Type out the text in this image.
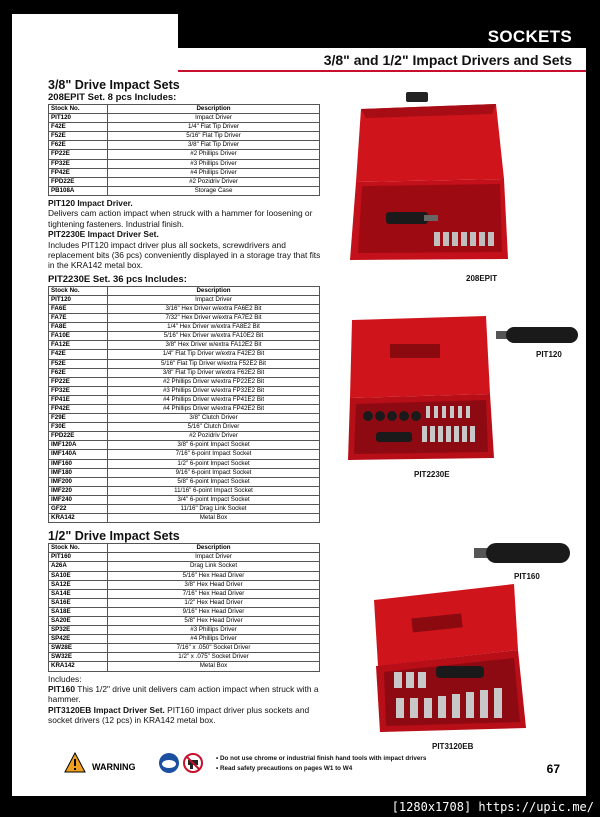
SOCKETS
3/8" and 1/2" Impact Drivers and Sets
3/8" Drive Impact Sets
208EPIT Set. 8 pcs Includes:
Stock No.	Description
PIT120	Impact Driver
F42E	1/4" Flat Tip Driver
F52E	5/16" Flat Tip Driver
F62E	3/8" Flat Tip Driver
FP22E	#2 Phillips Driver
FP32E	#3 Phillips Driver
FP42E	#4 Phillips Driver
FPD22E	#2 Pozidriv Driver
PB108A	Storage Case
PIT120 Impact Driver.
Delivers cam action impact when struck with a hammer for loosening or tightening fasteners. Industrial finish.
PIT2230E Impact Driver Set.
Includes PIT120 impact driver plus all sockets, screwdrivers and replacement bits (36 pcs) conveniently displayed in a storage tray that fits in the KRA142 metal box.
PIT2230E Set. 36 pcs Includes:
Stock No.	Description
PIT120	Impact Driver
FA6E	3/16" Hex Driver w/extra FA6E2 Bit
FA7E	7/32" Hex Driver w/extra FA7E2 Bit
FA8E	1/4" Hex Driver w/extra FA8E2 Bit
FA10E	5/16" Hex Driver w/extra FA10E2 Bit
FA12E	3/8" Hex Driver w/extra FA12E2 Bit
F42E	1/4" Flat Tip Driver w/extra F42E2 Bit
F52E	5/16" Flat Tip Driver w/extra F52E2 Bit
F62E	3/8" Flat Tip Driver w/extra F62E2 Bit
FP22E	#2 Phillips Driver w/extra FP22E2 Bit
FP32E	#3 Phillips Driver w/extra FP32E2 Bit
FP41E	#4 Phillips Driver w/extra FP41E2 Bit
FP42E	#4 Phillips Driver w/extra FP42E2 Bit
F29E	3/8" Clutch Driver
F30E	5/16" Clutch Driver
FPD22E	#2 Pozidriv Driver
IMF120A	3/8" 6-point Impact Socket
IMF140A	7/16" 6-point Impact Socket
IMF160	1/2" 6-point Impact Socket
IMF180	9/16" 6-point Impact Socket
IMF200	5/8" 6-point Impact Socket
IMF220	11/16" 6-point Impact Socket
IMF240	3/4" 6-point Impact Socket
GF22	11/16" Drag Link Socket
KRA142	Metal Box
1/2" Drive Impact Sets
Stock No.	Description
PIT160	Impact Driver
A26A	Drag Link Socket
SA10E	5/16" Hex Head Driver
SA12E	3/8" Hex Head Driver
SA14E	7/16" Hex Head Driver
SA16E	1/2" Hex Head Driver
SA18E	9/16" Hex Head Driver
SA20E	5/8" Hex Head Driver
SP32E	#3 Phillips Driver
SP42E	#4 Phillips Driver
SW28E	7/16" x .050" Socket Driver
SW32E	1/2" x .075" Socket Driver
KRA142	Metal Box
Includes:
PIT160 This 1/2" drive unit delivers cam action impact when struck with a hammer.
PIT3120EB Impact Driver Set. PIT160 impact driver plus sockets and socket drivers (12 pcs) in KRA142 metal box.
208EPIT
PIT120
PIT2230E
PIT160
PIT3120EB
WARNING
• Do not use chrome or industrial finish hand tools with impact drivers
• Read safety precautions on pages W1 to W4	67
[1280x1708] https://upic.me/
